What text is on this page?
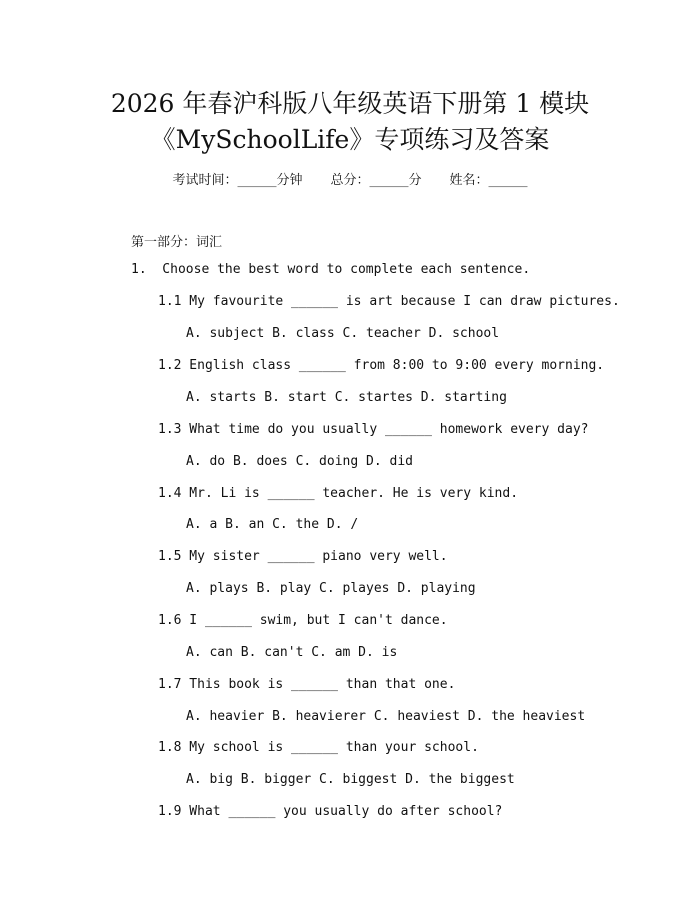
2026 年春沪科版八年级英语下册第 1 模块
《MySchoolLife》专项练习及答案
考试时间：______分钟 总分：______分 姓名：______
第一部分：词汇
1.  Choose the best word to complete each sentence.
1.1 My favourite ______ is art because I can draw pictures.
A. subject B. class C. teacher D. school
1.2 English class ______ from 8:00 to 9:00 every morning.
A. starts B. start C. startes D. starting
1.3 What time do you usually ______ homework every day?
A. do B. does C. doing D. did
1.4 Mr. Li is ______ teacher. He is very kind.
A. a B. an C. the D. /
1.5 My sister ______ piano very well.
A. plays B. play C. playes D. playing
1.6 I ______ swim, but I can't dance.
A. can B. can't C. am D. is
1.7 This book is ______ than that one.
A. heavier B. heavierer C. heaviest D. the heaviest
1.8 My school is ______ than your school.
A. big B. bigger C. biggest D. the biggest
1.9 What ______ you usually do after school?
